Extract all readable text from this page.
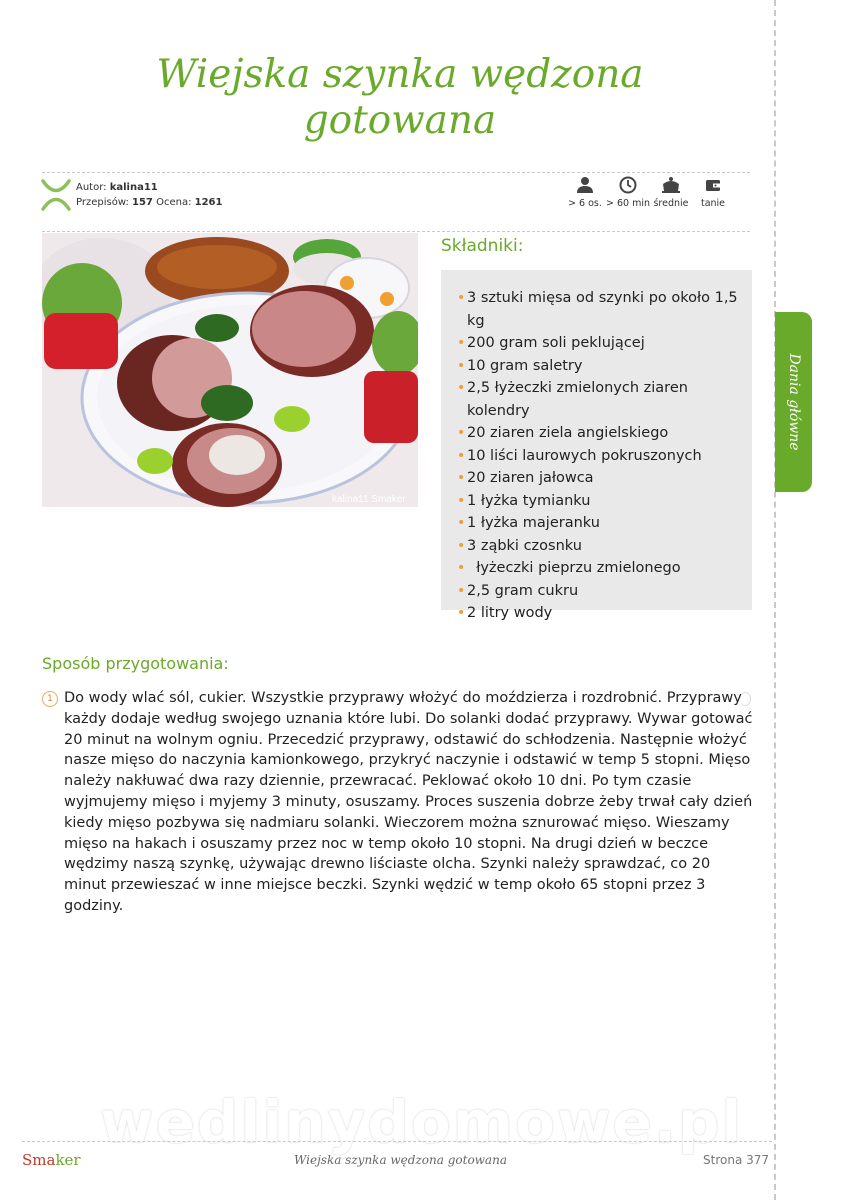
Wiejska szynka wędzona
gotowana
Autor: kalina11
Przepisów: 157 Ocena: 1261	> 6 os. > 60 min średnie	tanie
kalina11 Smaker
Składniki:
• 3 sztuki mięsa od szynki po około 1,5 kg
• 200 gram soli peklującej
• 10 gram saletry
• 2,5 łyżeczki zmielonych ziaren kolendry
• 20 ziaren ziela angielskiego
• 10 liści laurowych pokruszonych
• 20 ziaren jałowca
• 1 łyżka tymianku
• 1 łyżka majeranku
• 3 ząbki czosnku
•   łyżeczki pieprzu zmielonego
• 2,5 gram cukru
• 2 litry wody
Sposób przygotowania:
1 Do wody wlać sól, cukier. Wszystkie przyprawy włożyć do moździerza i rozdrobnić. Przyprawy każdy dodaje według swojego uznania które lubi. Do solanki dodać przyprawy. Wywar gotować 20 minut na wolnym ogniu. Przecedzić przyprawy, odstawić do schłodzenia. Następnie włożyć nasze mięso do naczynia kamionkowego, przykryć naczynie i odstawić w temp 5 stopni. Mięso należy nakłuwać dwa razy dziennie, przewracać. Peklować około 10 dni. Po tym czasie wyjmujemy mięso i myjemy 3 minuty, osuszamy. Proces suszenia dobrze żeby trwał cały dzień kiedy mięso pozbywa się nadmiaru solanki. Wieczorem można sznurować mięso. Wieszamy mięso na hakach i osuszamy przez noc w temp około 10 stopni. Na drugi dzień w beczce wędzimy naszą szynkę, używając drewno liściaste olcha. Szynki należy sprawdzać, co 20 minut przewieszać w inne miejsce beczki. Szynki wędzić w temp około 65 stopni przez 3 godziny.
Dania główne
wedlinydomowe.pl
Smaker	Wiejska szynka wędzona gotowana	Strona 377
